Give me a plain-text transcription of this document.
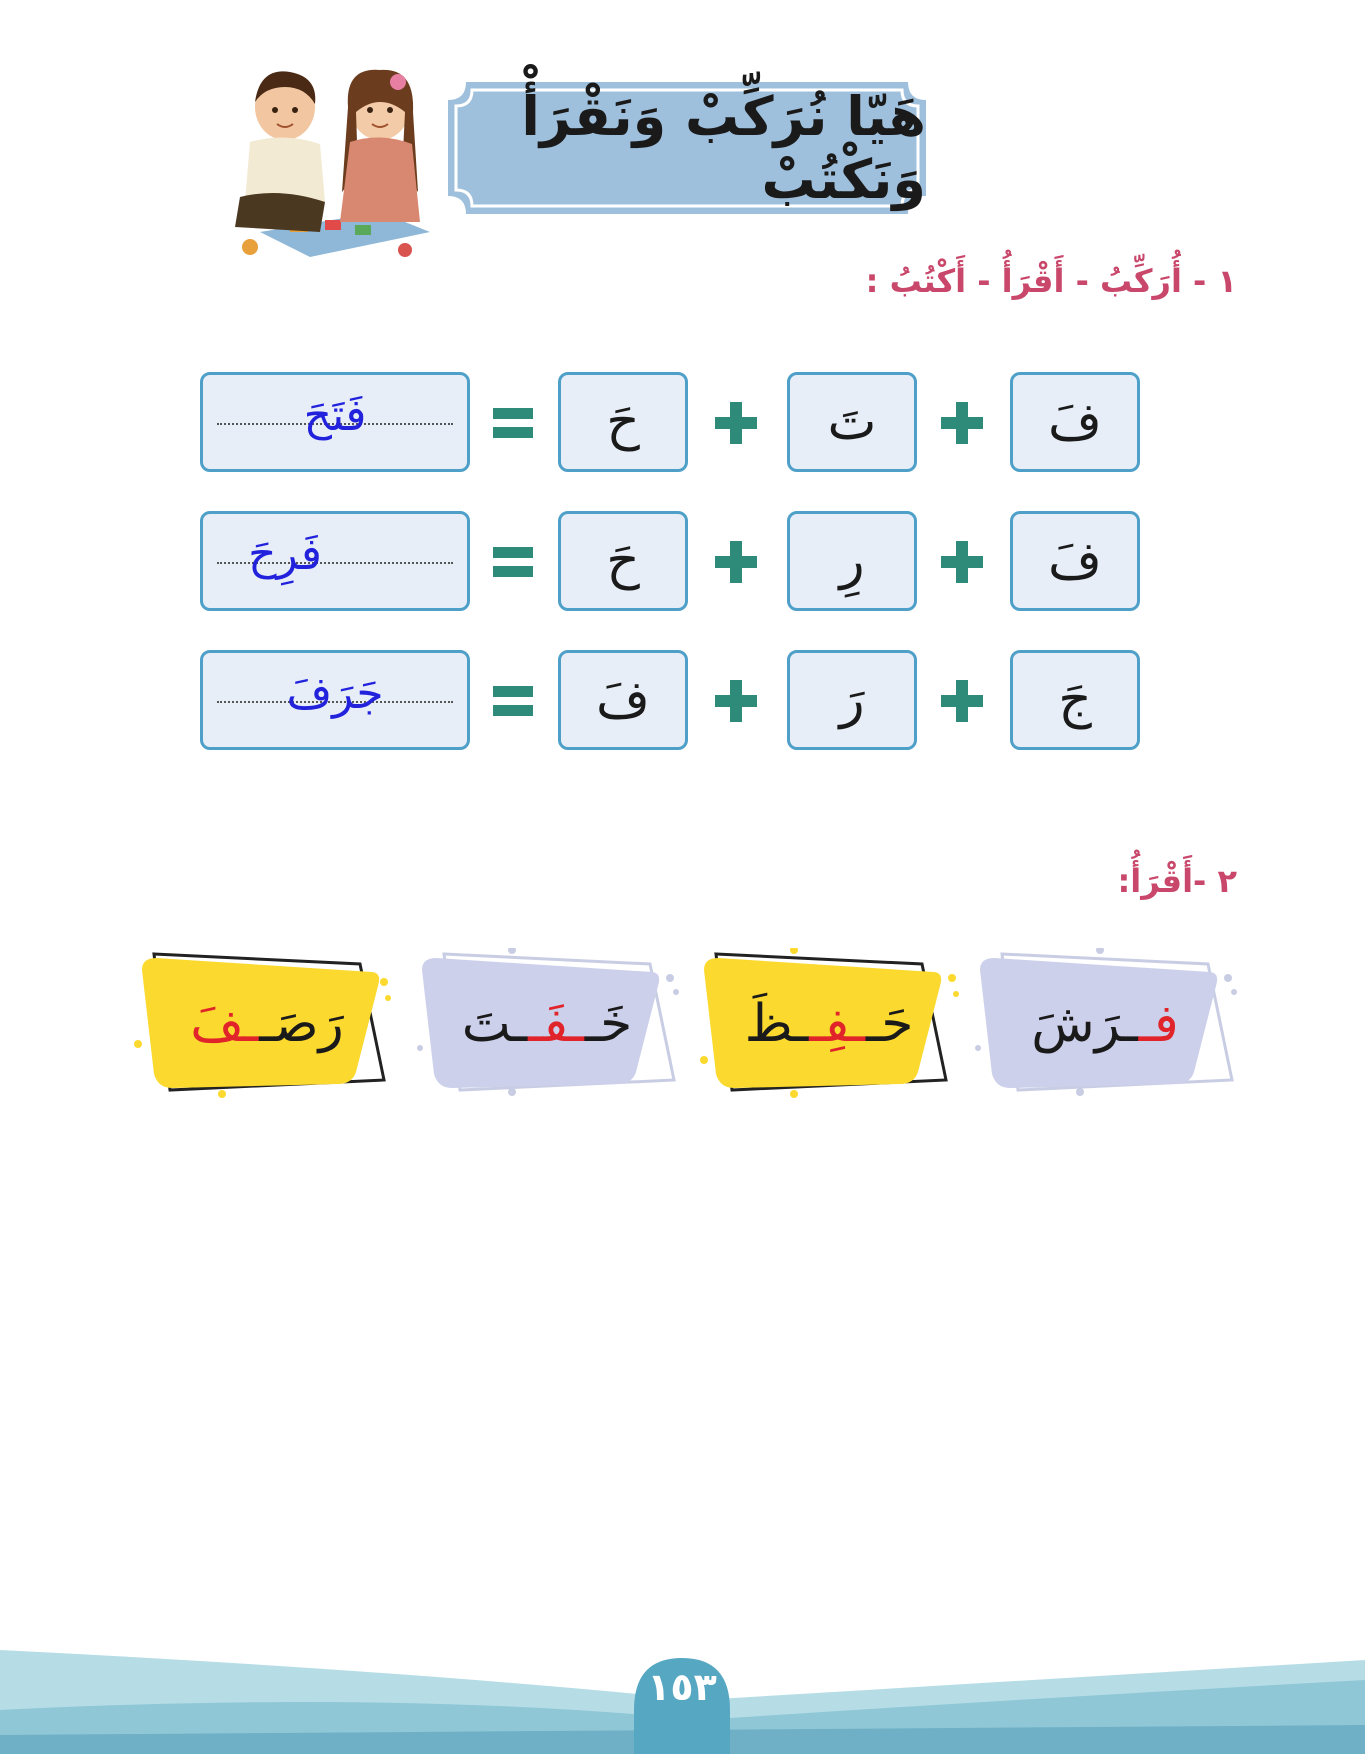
هَيّا نُرَكِّبْ وَنَقْرَأْ وَنَكْتُبْ
١ - أُرَكِّبُ - أَقْرَأُ - أَكْتُبُ :
فَ
تَ
حَ
فَتَحَ
فَ
رِ
حَ
فَرِحَ
جَ
رَ
فَ
جَرَفَ
٢ -أَقْرَأُ:
فــرَشَ
حَــفِــظَ
خَــفَــتَ
رَصَــفَ
١٥٣
